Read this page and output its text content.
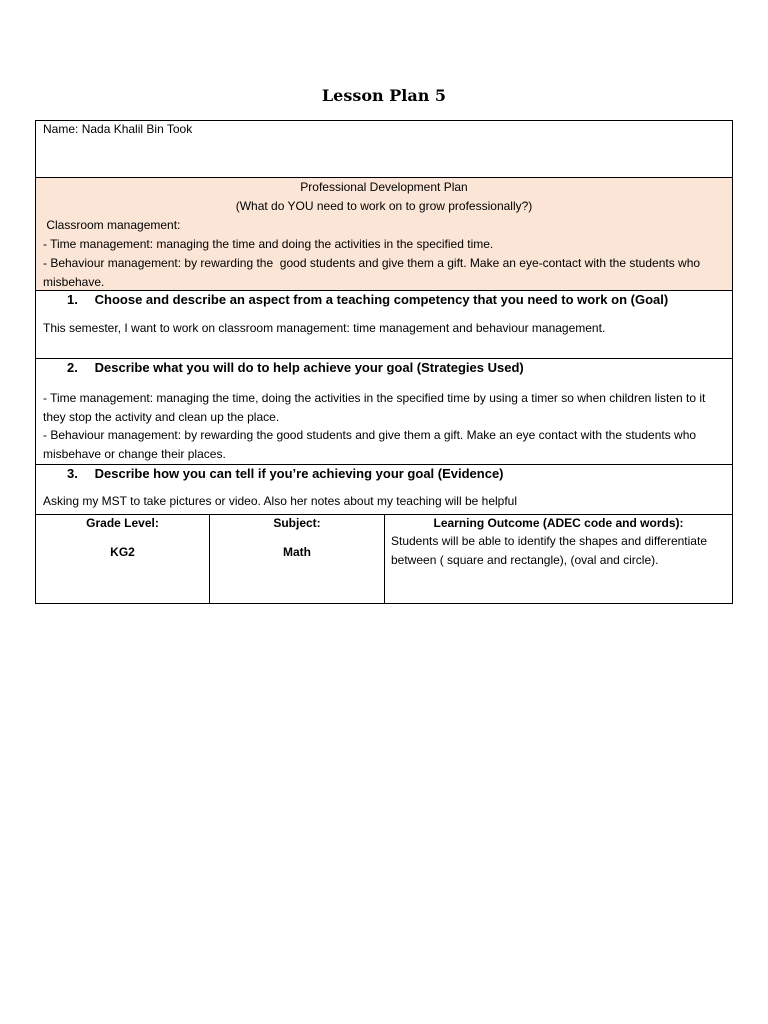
Lesson Plan 5
Name: Nada Khalil Bin Took
Professional Development Plan
(What do YOU need to work on to grow professionally?)
Classroom management:
- Time management: managing the time and doing the activities in the specified time.
- Behaviour management: by rewarding the  good students and give them a gift. Make an eye-contact with the students who misbehave.
1. Choose and describe an aspect from a teaching competency that you need to work on (Goal)
This semester, I want to work on classroom management: time management and behaviour management.
2. Describe what you will do to help achieve your goal (Strategies Used)
- Time management: managing the time, doing the activities in the specified time by using a timer so when children listen to it they stop the activity and clean up the place.
- Behaviour management: by rewarding the good students and give them a gift. Make an eye contact with the students who misbehave or change their places.
3. Describe how you can tell if you’re achieving your goal (Evidence)
Asking my MST to take pictures or video. Also her notes about my teaching will be helpful
Grade Level:
KG2
Subject:
Math
Learning Outcome (ADEC code and words):
Students will be able to identify the shapes and differentiate between ( square and rectangle), (oval and circle).
